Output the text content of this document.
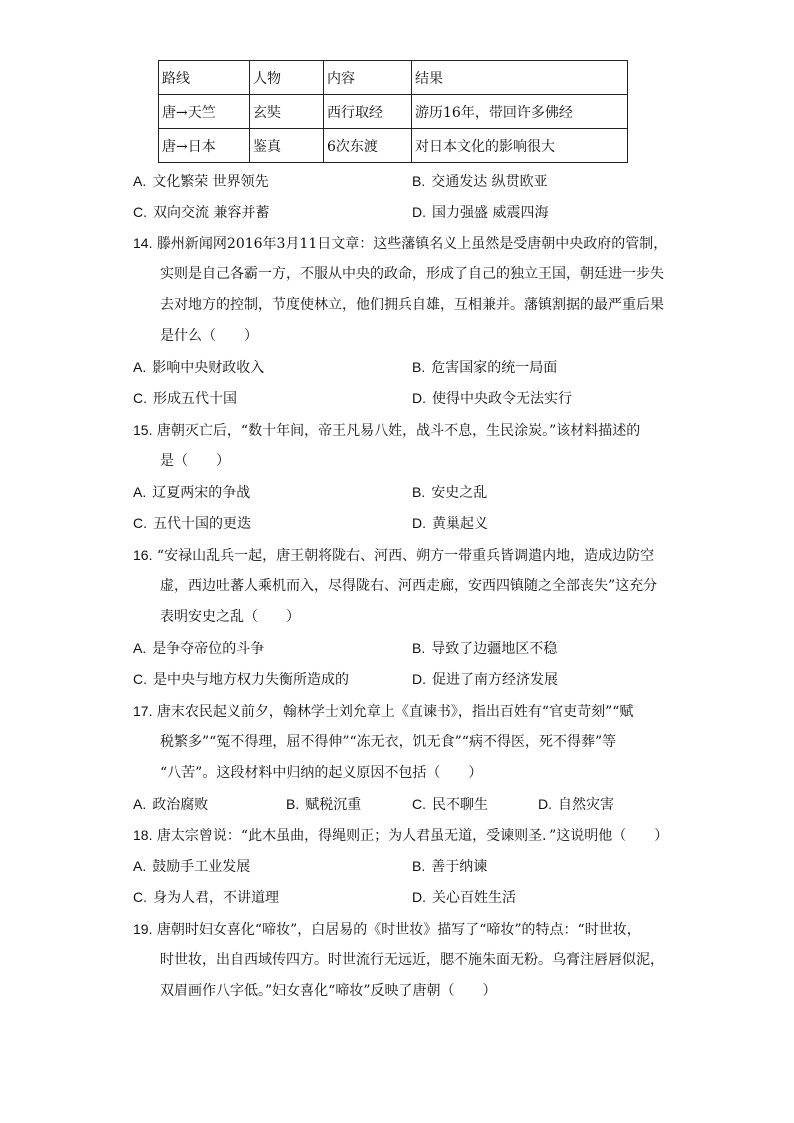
路线	人物	内容	结果
唐→天竺	玄奘	西行取经	游历16年，带回许多佛经
唐→日本	鉴真	6次东渡	对日本文化的影响很大
A. 文化繁荣 世界领先	B. 交通发达 纵贯欧亚
C. 双向交流 兼容并蓄	D. 国力强盛 威震四海
14. 滕州新闻网2016年3月11日文章：这些藩镇名义上虽然是受唐朝中央政府的管制，
实则是自己各霸一方，不服从中央的政命，形成了自己的独立王国，朝廷进一步失
去对地方的控制，节度使林立，他们拥兵自雄，互相兼并。藩镇割据的最严重后果
是什么（　　）
A. 影响中央财政收入	B. 危害国家的统一局面
C. 形成五代十国	D. 使得中央政令无法实行
15. 唐朝灭亡后，“数十年间，帝王凡易八姓，战斗不息，生民涂炭。”该材料描述的
是（　　）
A. 辽夏两宋的争战	B. 安史之乱
C. 五代十国的更迭	D. 黄巢起义
16. “安禄山乱兵一起，唐王朝将陇右、河西、朔方一带重兵皆调遣内地，造成边防空
虚，西边吐蕃人乘机而入，尽得陇右、河西走廊，安西四镇随之全部丧失”这充分
表明安史之乱（　　）
A. 是争夺帝位的斗争	B. 导致了边疆地区不稳
C. 是中央与地方权力失衡所造成的	D. 促进了南方经济发展
17. 唐末农民起义前夕，翰林学士刘允章上《直谏书》，指出百姓有“官吏苛刻”“赋
税繁多”“冤不得理，屈不得伸”“冻无衣，饥无食”“病不得医，死不得葬”等
“八苦”。这段材料中归纳的起义原因不包括（　　）
A. 政治腐败	B. 赋税沉重	C. 民不聊生	D. 自然灾害
18. 唐太宗曾说：“此木虽曲，得绳则正；为人君虽无道，受谏则圣．”这说明他（　　）
A. 鼓励手工业发展	B. 善于纳谏
C. 身为人君，不讲道理	D. 关心百姓生活
19. 唐朝时妇女喜化“啼妆”，白居易的《时世妆》描写了“啼妆”的特点：“时世妆，
时世妆，出自西域传四方。时世流行无远近，腮不施朱面无粉。乌膏注唇唇似泥，
双眉画作八字低。”妇女喜化“啼妆”反映了唐朝（　　）
